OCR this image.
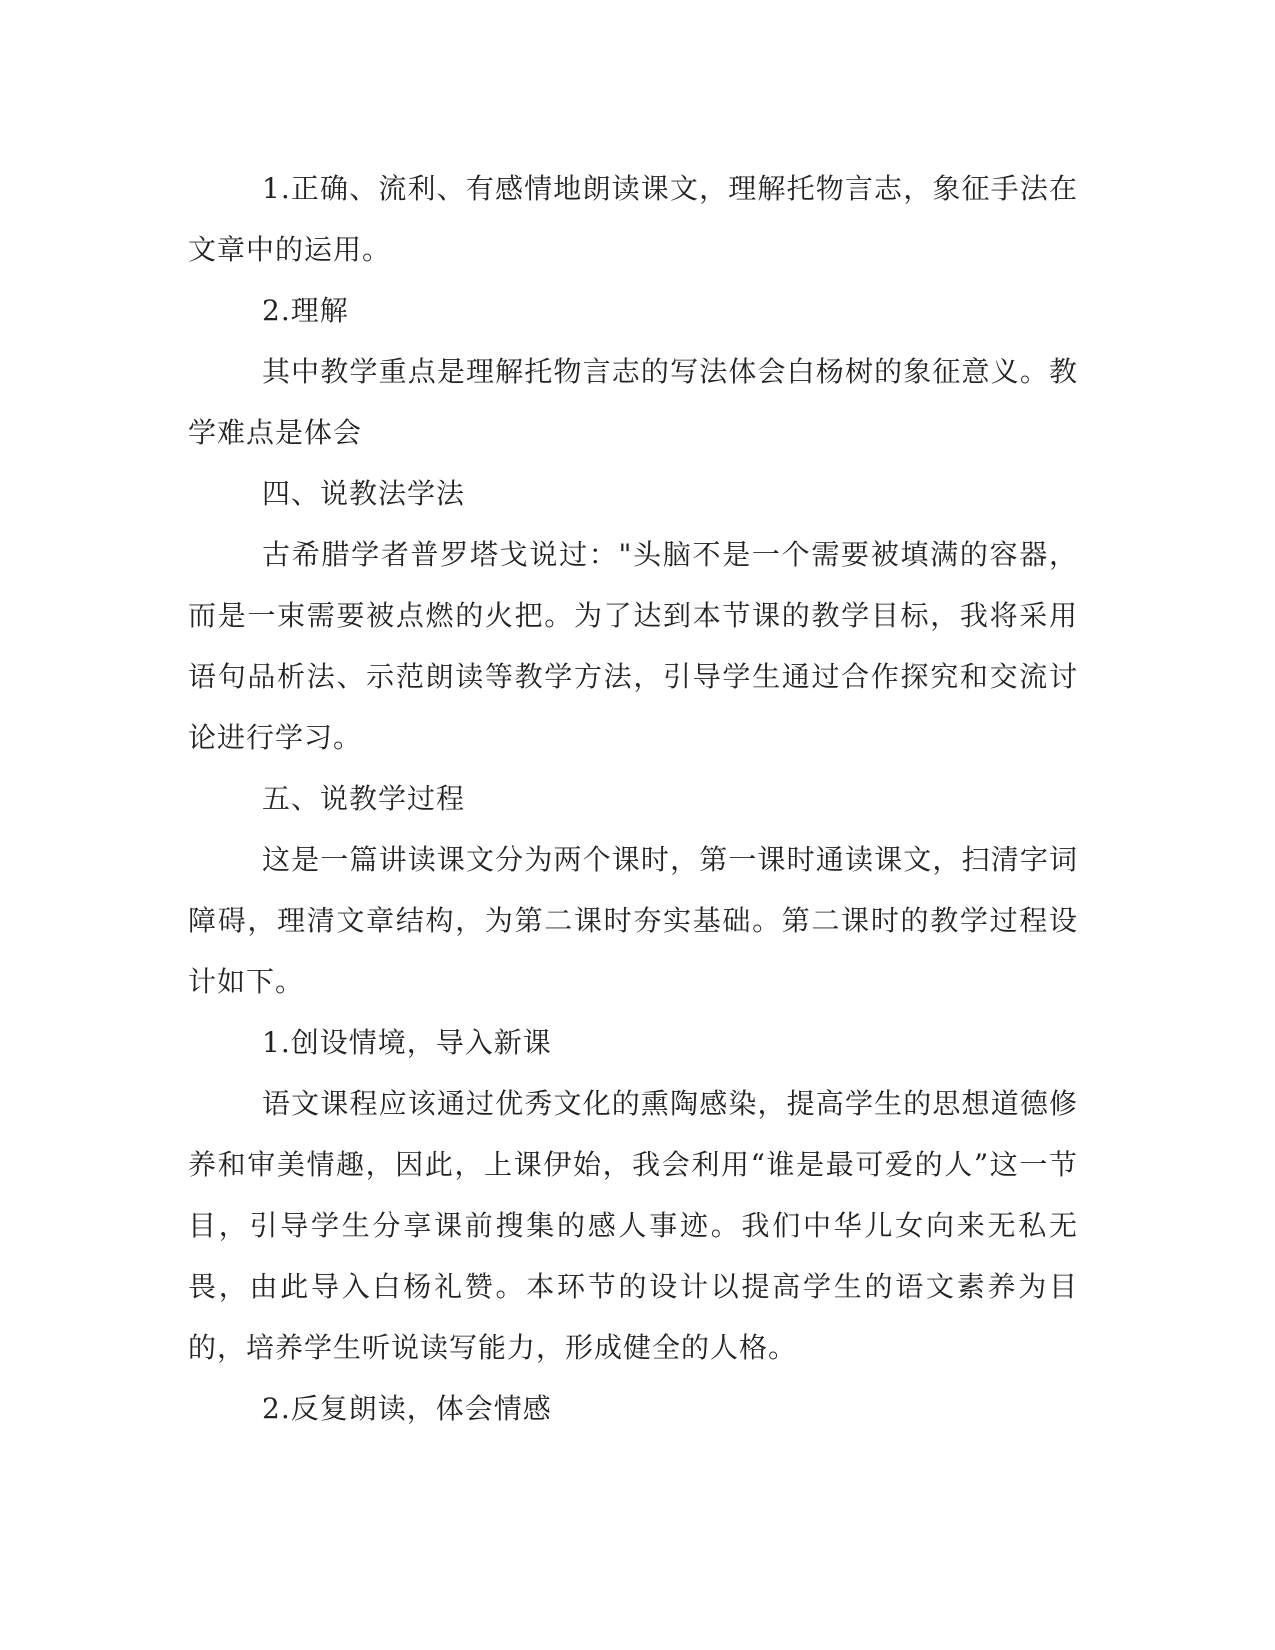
1.正确、流利、有感情地朗读课文，理解托物言志，象征手法在文章中的运用。

2.理解

其中教学重点是理解托物言志的写法体会白杨树的象征意义。教学难点是体会

四、说教法学法

古希腊学者普罗塔戈说过："头脑不是一个需要被填满的容器，而是一束需要被点燃的火把。为了达到本节课的教学目标，我将采用语句品析法、示范朗读等教学方法，引导学生通过合作探究和交流讨论进行学习。

五、说教学过程

这是一篇讲读课文分为两个课时，第一课时通读课文，扫清字词障碍，理清文章结构，为第二课时夯实基础。第二课时的教学过程设计如下。

1.创设情境，导入新课

语文课程应该通过优秀文化的熏陶感染，提高学生的思想道德修养和审美情趣，因此，上课伊始，我会利用“谁是最可爱的人”这一节目，引导学生分享课前搜集的感人事迹。我们中华儿女向来无私无畏，由此导入白杨礼赞。本环节的设计以提高学生的语文素养为目的，培养学生听说读写能力，形成健全的人格。

2.反复朗读，体会情感
